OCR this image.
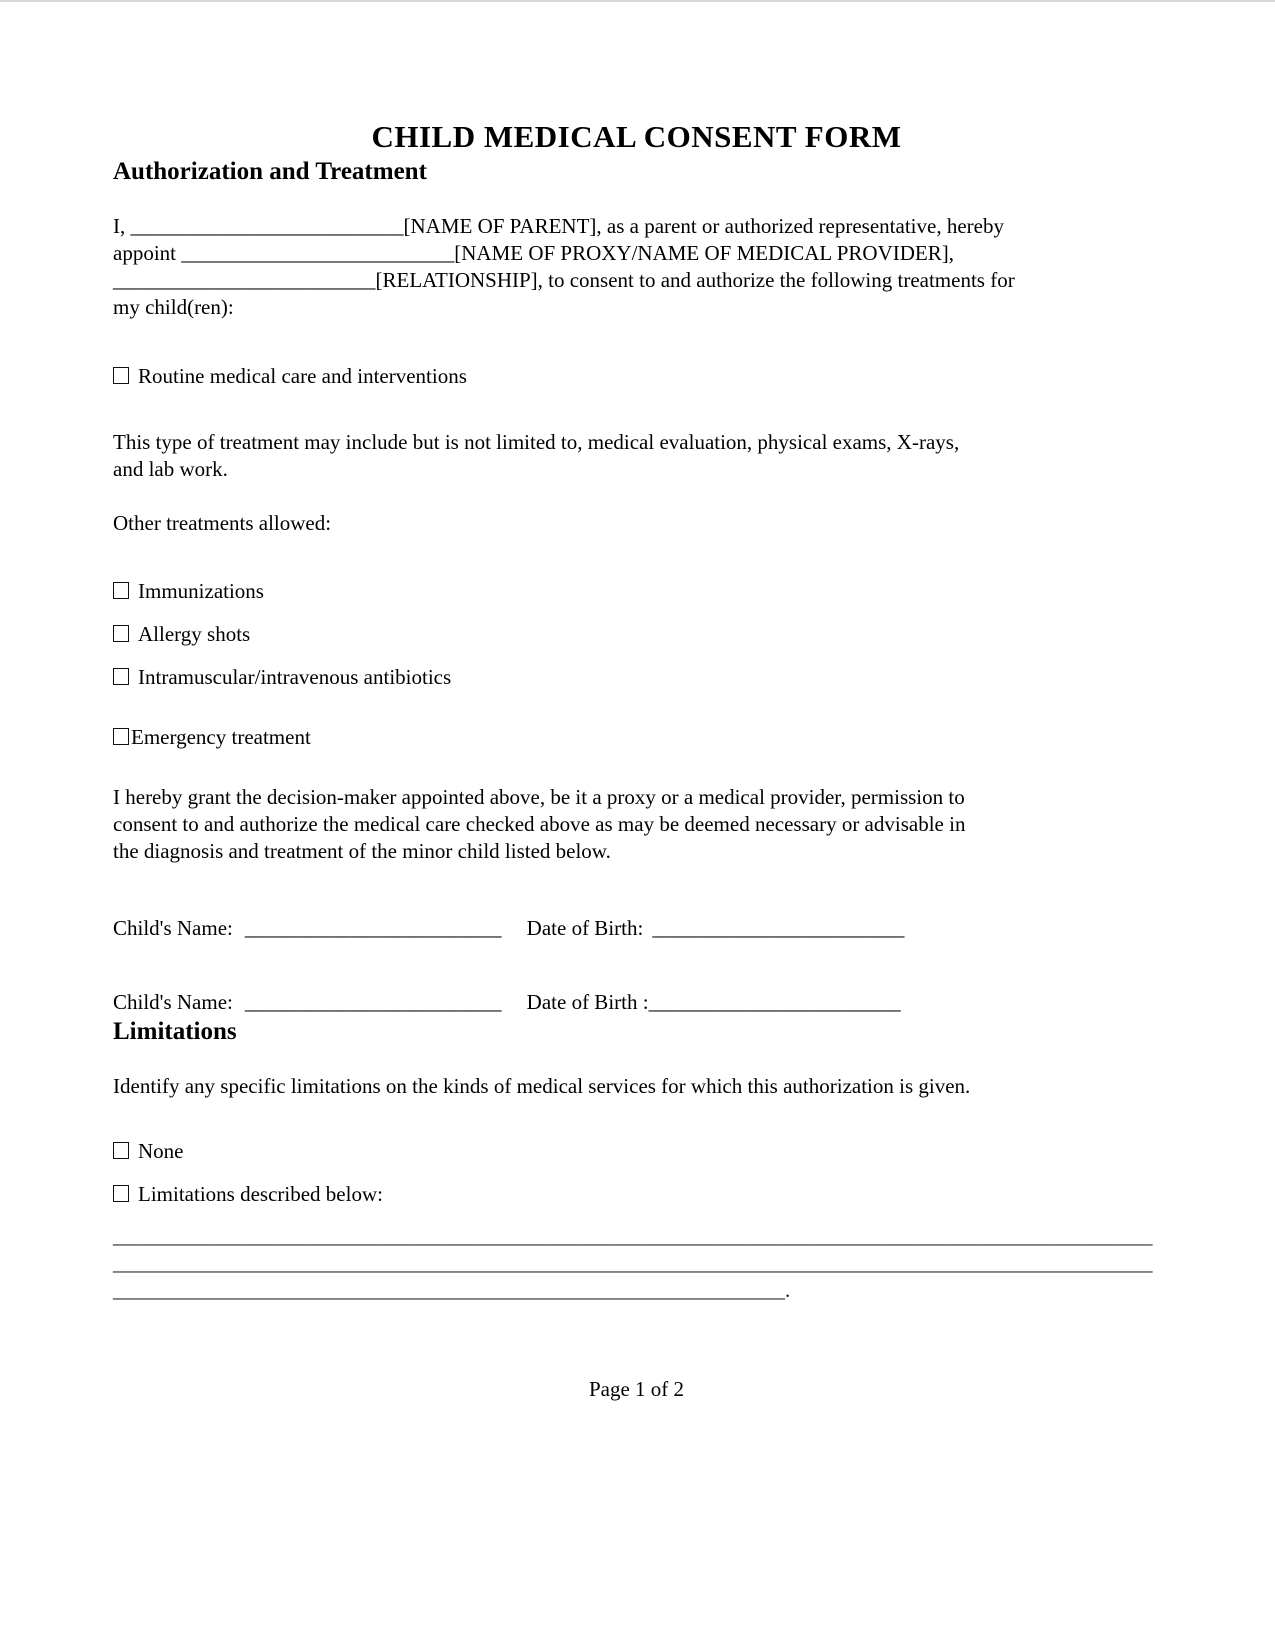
CHILD MEDICAL CONSENT FORM
Authorization and Treatment
I, __________________________[NAME OF PARENT], as a parent or authorized representative, hereby
appoint __________________________[NAME OF PROXY/NAME OF MEDICAL PROVIDER],
_________________________[RELATIONSHIP], to consent to and authorize the following treatments for
my child(ren):
Routine medical care and interventions
This type of treatment may include but is not limited to, medical evaluation, physical exams, X-rays,
and lab work.
Other treatments allowed:
Immunizations
Allergy shots
Intramuscular/intravenous antibiotics
Emergency treatment
I hereby grant the decision-maker appointed above, be it a proxy or a medical provider, permission to
consent to and authorize the medical care checked above as may be deemed necessary or advisable in
the diagnosis and treatment of the minor child listed below.
Child's Name: ________________________ Date of Birth: ________________________
Child's Name: ________________________ Date of Birth :________________________
Limitations
Identify any specific limitations on the kinds of medical services for which this authorization is given.
None
Limitations described below:
___________________________________________________________________________________________________
___________________________________________________________________________________________________
________________________________________________________________.
Page 1 of 2
